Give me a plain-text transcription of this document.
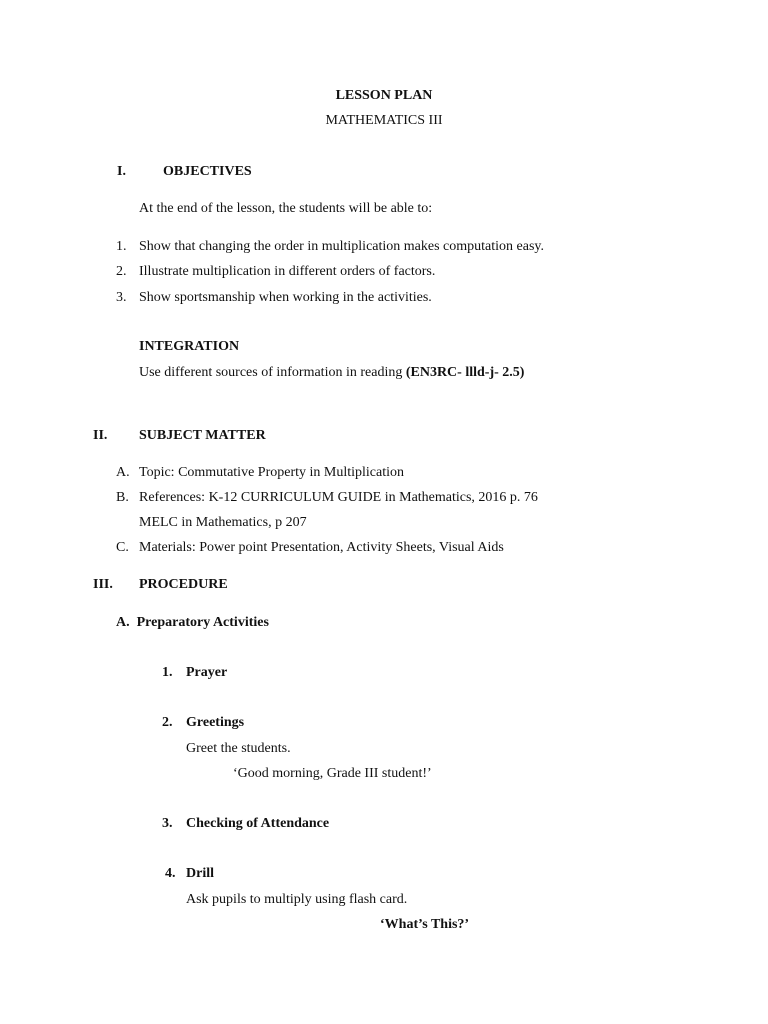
LESSON PLAN
MATHEMATICS III
I.	OBJECTIVES
At the end of the lesson, the students will be able to:
1. Show that changing the order in multiplication makes computation easy.
2. Illustrate multiplication in different orders of factors.
3. Show sportsmanship when working in the activities.
INTEGRATION
Use different sources of information in reading (EN3RC- llld-j- 2.5)
II. SUBJECT MATTER
A. Topic: Commutative Property in Multiplication
B. References: K-12 CURRICULUM GUIDE in Mathematics, 2016 p. 76
MELC in Mathematics, p 207
C. Materials: Power point Presentation, Activity Sheets, Visual Aids
III. PROCEDURE
A.  Preparatory Activities
1. Prayer
2. Greetings
Greet the students.
‘Good morning, Grade III student!’
3. Checking of Attendance
4. Drill
Ask pupils to multiply using flash card.
‘What’s This?’
